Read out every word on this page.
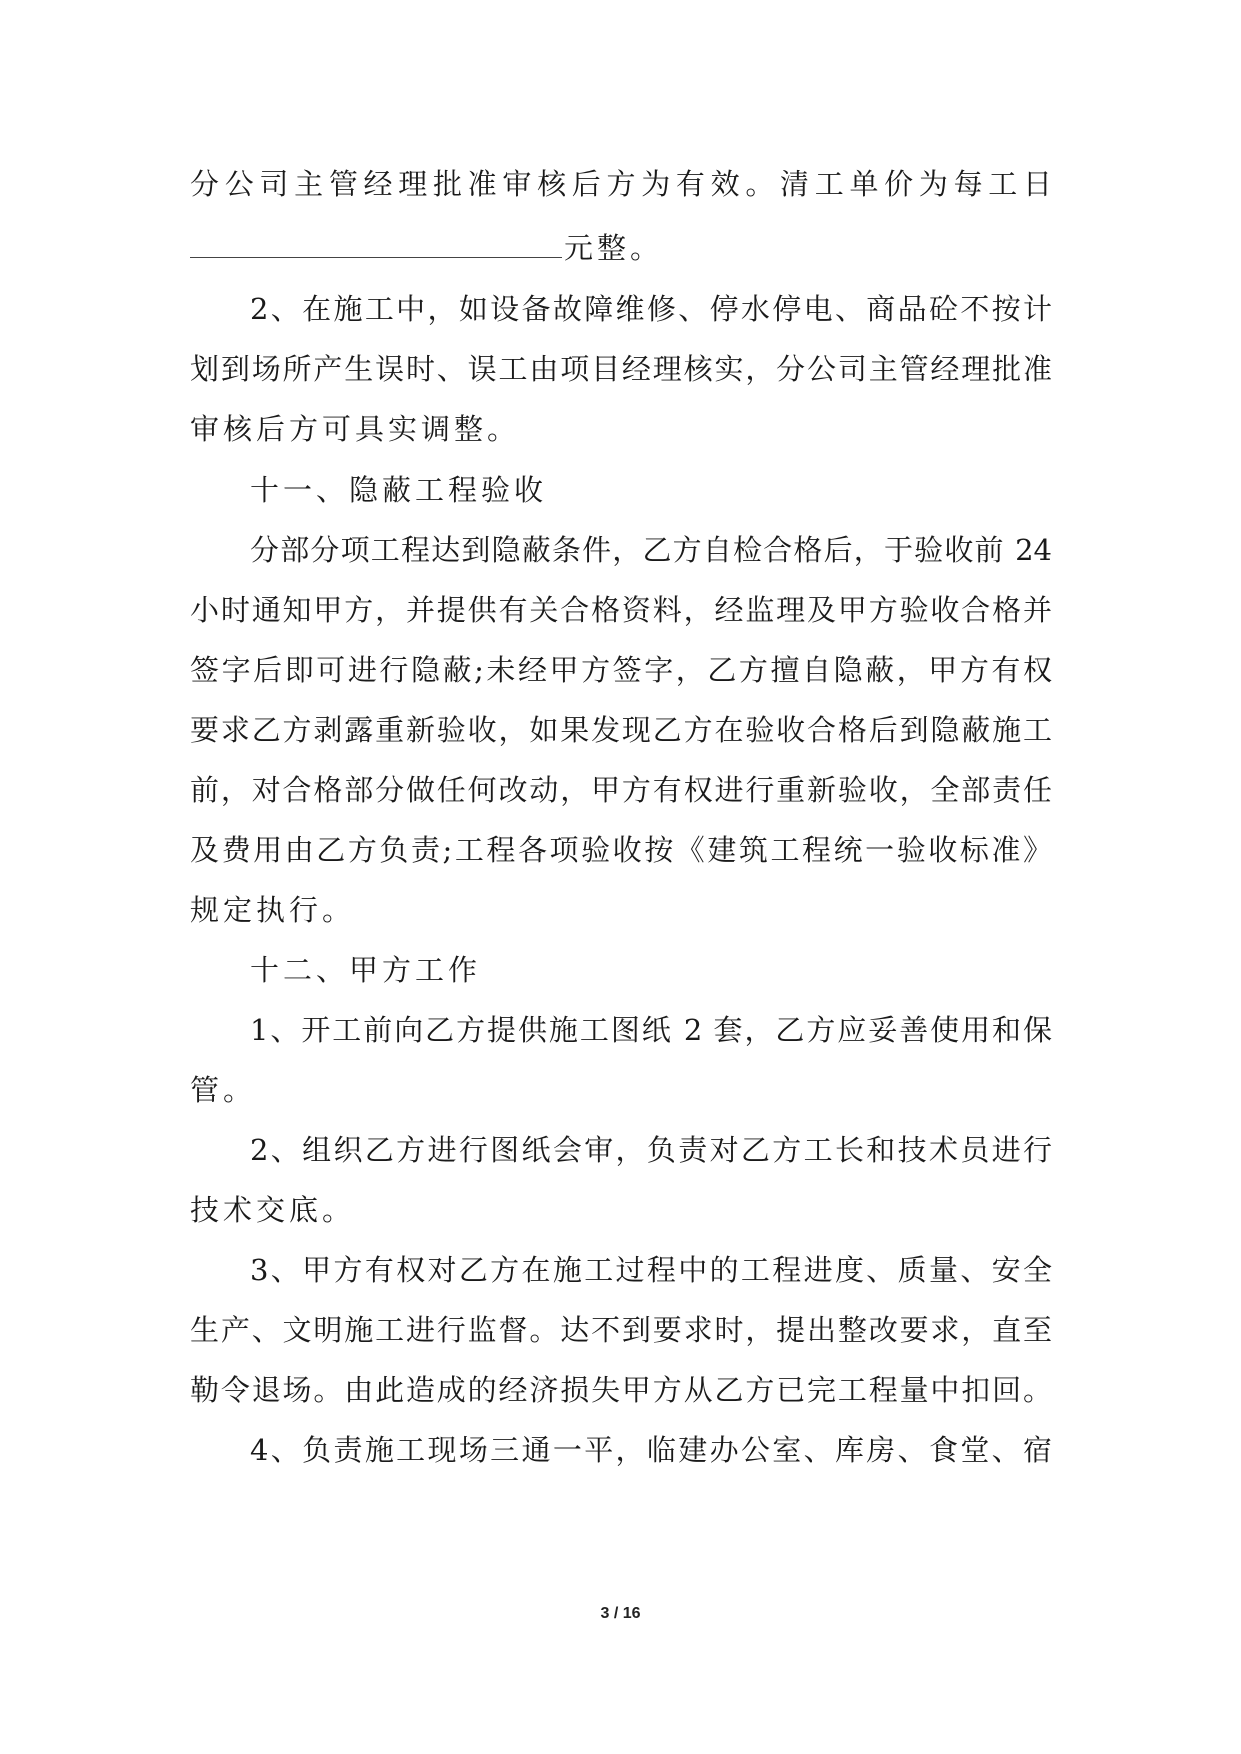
分公司主管经理批准审核后方为有效。清工单价为每工日
元整。
2、在施工中，如设备故障维修、停水停电、商品砼不按计
划到场所产生误时、误工由项目经理核实，分公司主管经理批准
审核后方可具实调整。
十一、隐蔽工程验收
分部分项工程达到隐蔽条件，乙方自检合格后，于验收前 24
小时通知甲方，并提供有关合格资料，经监理及甲方验收合格并
签字后即可进行隐蔽;未经甲方签字，乙方擅自隐蔽，甲方有权
要求乙方剥露重新验收，如果发现乙方在验收合格后到隐蔽施工
前，对合格部分做任何改动，甲方有权进行重新验收，全部责任
及费用由乙方负责;工程各项验收按《建筑工程统一验收标准》
规定执行。
十二、甲方工作
1、开工前向乙方提供施工图纸 2 套，乙方应妥善使用和保
管。
2、组织乙方进行图纸会审，负责对乙方工长和技术员进行
技术交底。
3、甲方有权对乙方在施工过程中的工程进度、质量、安全
生产、文明施工进行监督。达不到要求时，提出整改要求，直至
勒令退场。由此造成的经济损失甲方从乙方已完工程量中扣回。
4、负责施工现场三通一平，临建办公室、库房、食堂、宿
3 / 16
